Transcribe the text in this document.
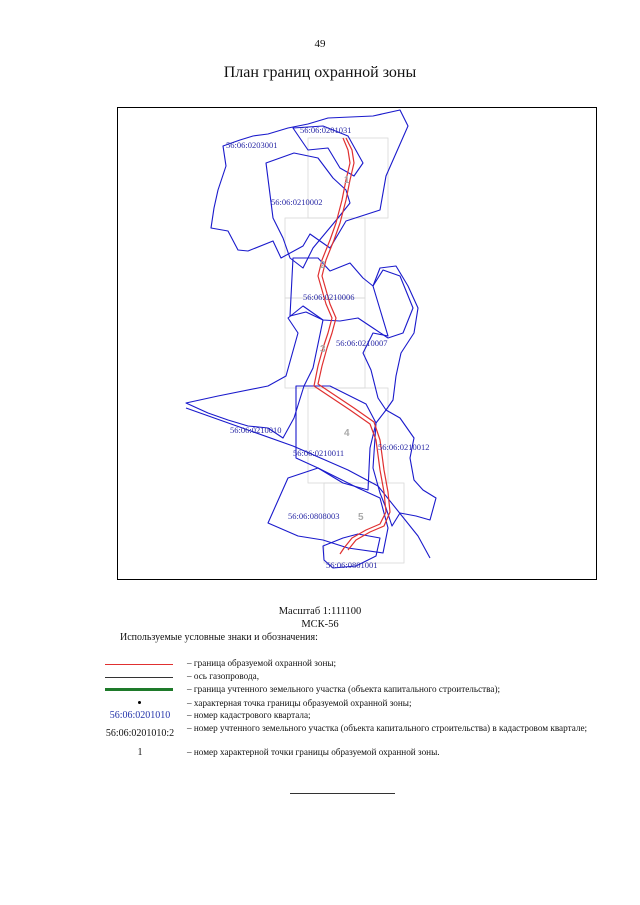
49
План границ охранной зоны
56:06:0201031
56:06:0203001
56:06:0210002
56:06:0210006
56:06:0210007
56:06:0210010
56:06:0210011
56:06:0210012
56:06:0808003
56:06:0801001
1
2
3
4
5
Масштаб 1:111100
МСК-56
Используемые условные знаки и обозначения:
– граница образуемой охранной зоны;
– ось газопровода,
– граница учтенного земельного участка (объекта капитального строительства);
– характерная точка границы образуемой охранной зоны;
56:06:0201010	– номер кадастрового квартала;
56:06:0201010:2	– номер учтенного земельного участка (объекта капитального строительства) в кадастровом квартале;
1	– номер характерной точки границы образуемой охранной зоны.
